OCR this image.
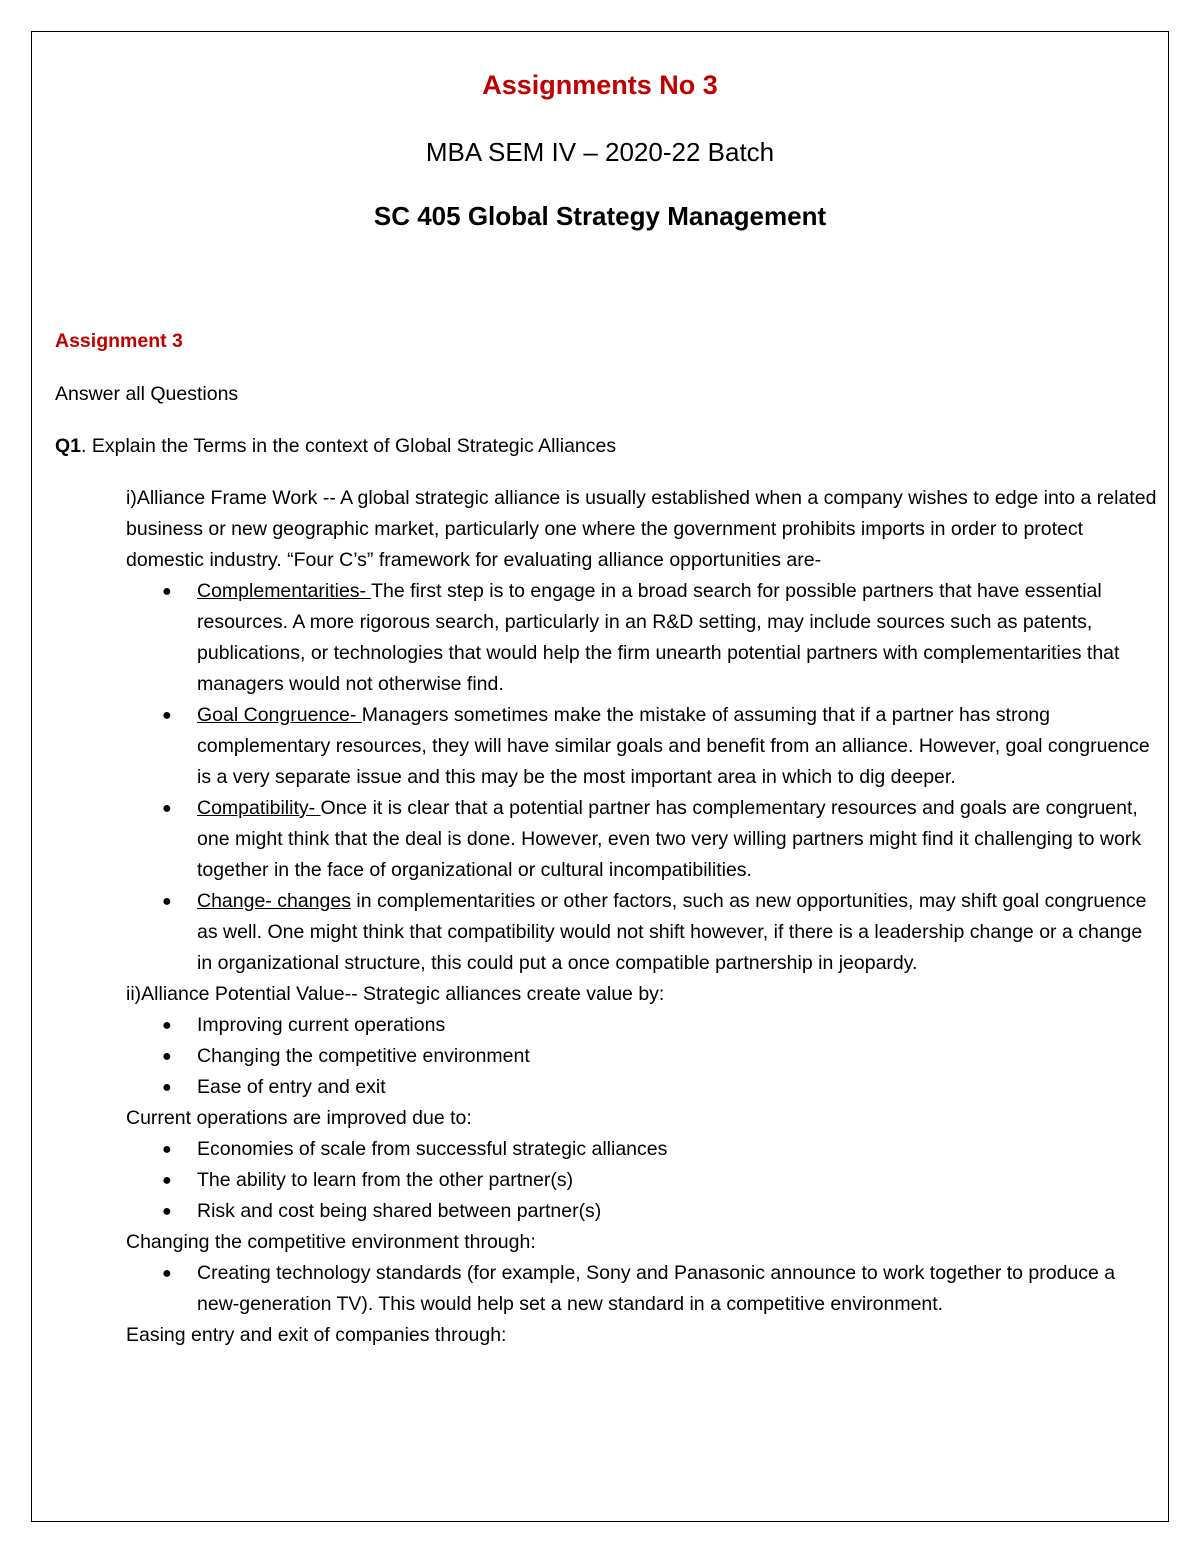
Assignments No 3
MBA SEM IV – 2020-22 Batch
SC 405 Global Strategy Management

Assignment 3

Answer all Questions

Q1. Explain the Terms in the context of Global Strategic Alliances

i)Alliance Frame Work -- A global strategic alliance is usually established when a company wishes to edge into a related business or new geographic market, particularly one where the government prohibits imports in order to protect domestic industry. “Four C’s” framework for evaluating alliance opportunities are-

● Complementarities- The first step is to engage in a broad search for possible partners that have essential resources. A more rigorous search, particularly in an R&D setting, may include sources such as patents, publications, or technologies that would help the firm unearth potential partners with complementarities that managers would not otherwise find.
● Goal Congruence- Managers sometimes make the mistake of assuming that if a partner has strong complementary resources, they will have similar goals and benefit from an alliance. However, goal congruence is a very separate issue and this may be the most important area in which to dig deeper.
● Compatibility- Once it is clear that a potential partner has complementary resources and goals are congruent, one might think that the deal is done. However, even two very willing partners might find it challenging to work together in the face of organizational or cultural incompatibilities.
● Change- changes in complementarities or other factors, such as new opportunities, may shift goal congruence as well. One might think that compatibility would not shift however, if there is a leadership change or a change in organizational structure, this could put a once compatible partnership in jeopardy.

ii)Alliance Potential Value-- Strategic alliances create value by:

● Improving current operations
● Changing the competitive environment
● Ease of entry and exit

Current operations are improved due to:

● Economies of scale from successful strategic alliances
● The ability to learn from the other partner(s)
● Risk and cost being shared between partner(s)

Changing the competitive environment through:

● Creating technology standards (for example, Sony and Panasonic announce to work together to produce a new-generation TV). This would help set a new standard in a competitive environment.

Easing entry and exit of companies through:
